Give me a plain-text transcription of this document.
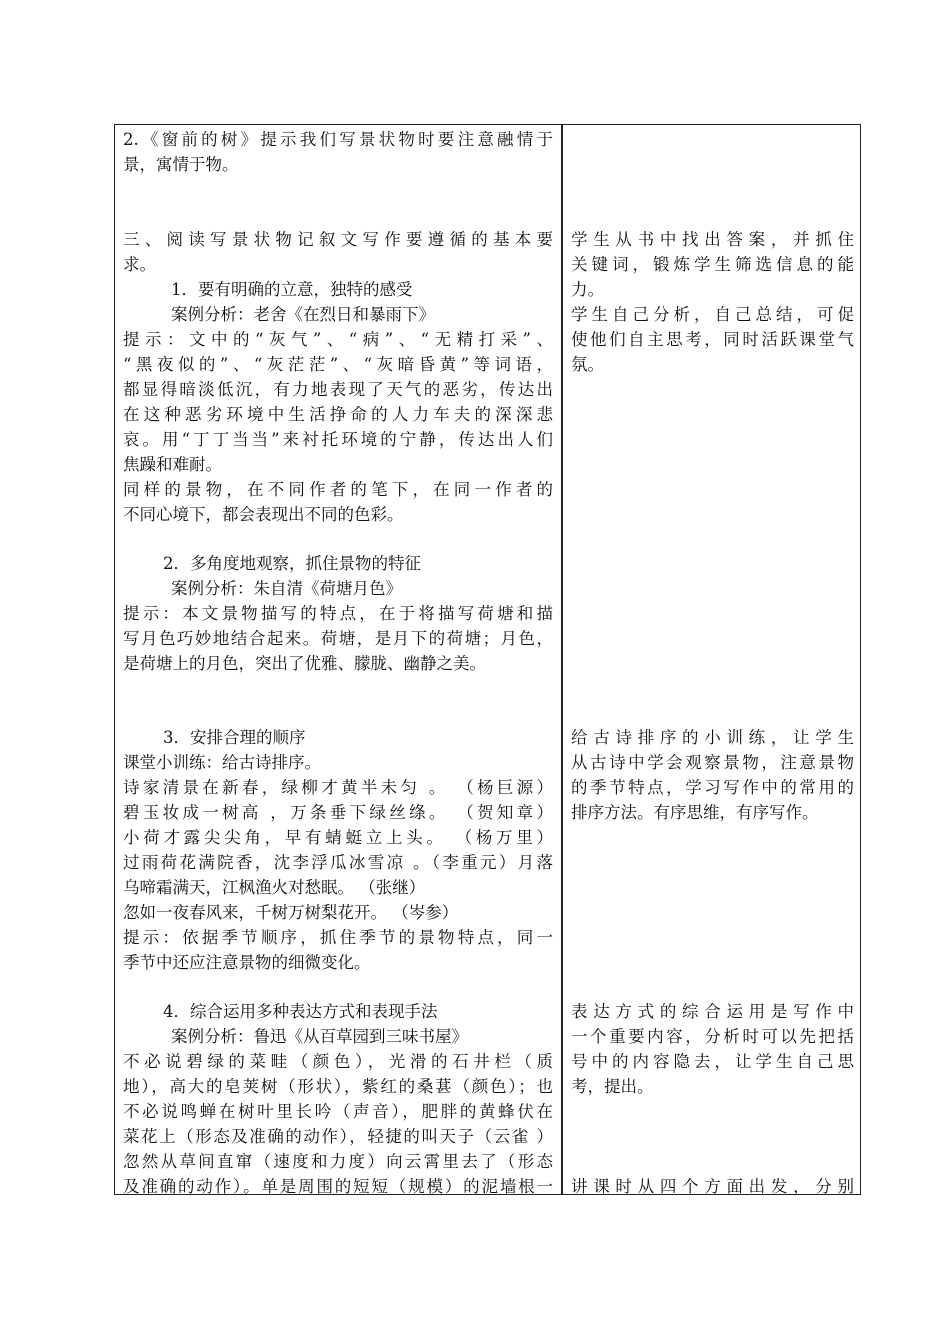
2.《窗前的树》提示我们写景状物时要注意融情于
景，寓情于物。
三、阅读写景状物记叙文写作要遵循的基本要
求。
1．要有明确的立意，独特的感受
案例分析：老舍《在烈日和暴雨下》
提示：文中的“灰气”、“病”、“无精打采”、
“黑夜似的”、“灰茫茫”、“灰暗昏黄”等词语，
都显得暗淡低沉，有力地表现了天气的恶劣，传达出
在这种恶劣环境中生活挣命的人力车夫的深深悲
哀。用“丁丁当当”来衬托环境的宁静，传达出人们
焦躁和难耐。
同样的景物，在不同作者的笔下，在同一作者的
不同心境下，都会表现出不同的色彩。
2．多角度地观察，抓住景物的特征
案例分析：朱自清《荷塘月色》
提示：本文景物描写的特点，在于将描写荷塘和描
写月色巧妙地结合起来。荷塘，是月下的荷塘；月色，
是荷塘上的月色，突出了优雅、朦胧、幽静之美。
3．安排合理的顺序
课堂小训练：给古诗排序。
诗家清景在新春，绿柳才黄半未匀 。 （杨巨源）
碧玉妆成一树高 ，万条垂下绿丝绦。 （贺知章）
小荷才露尖尖角，早有蜻蜓立上头。 （杨万里）
过雨荷花满院香，沈李浮瓜冰雪凉 。（李重元）月落
乌啼霜满天，江枫渔火对愁眠。 （张继）
忽如一夜春风来，千树万树梨花开。 （岑参）
提示：依据季节顺序，抓住季节的景物特点，同一
季节中还应注意景物的细微变化。
4．综合运用多种表达方式和表现手法
案例分析：鲁迅《从百草园到三味书屋》
不必说碧绿的菜畦（颜色），光滑的石井栏（质
地），高大的皂荚树（形状），紫红的桑葚（颜色）；也
不必说鸣蝉在树叶里长吟（声音），肥胖的黄蜂伏在
菜花上（形态及准确的动作），轻捷的叫天子（云雀 ）
忽然从草间直窜（速度和力度）向云霄里去了（形态
及准确的动作）。单是周围的短短（规模）的泥墙根一
学生从书中找出答案，并抓住
关键词，锻炼学生筛选信息的能
力。
学生自己分析，自己总结，可促
使他们自主思考，同时活跃课堂气
氛。
给古诗排序的小训练，让学生
从古诗中学会观察景物，注意景物
的季节特点，学习写作中的常用的
排序方法。有序思维，有序写作。
表达方式的综合运用是写作中
一个重要内容，分析时可以先把括
号中的内容隐去，让学生自己思
考，提出。
讲课时从四个方面出发，分别
